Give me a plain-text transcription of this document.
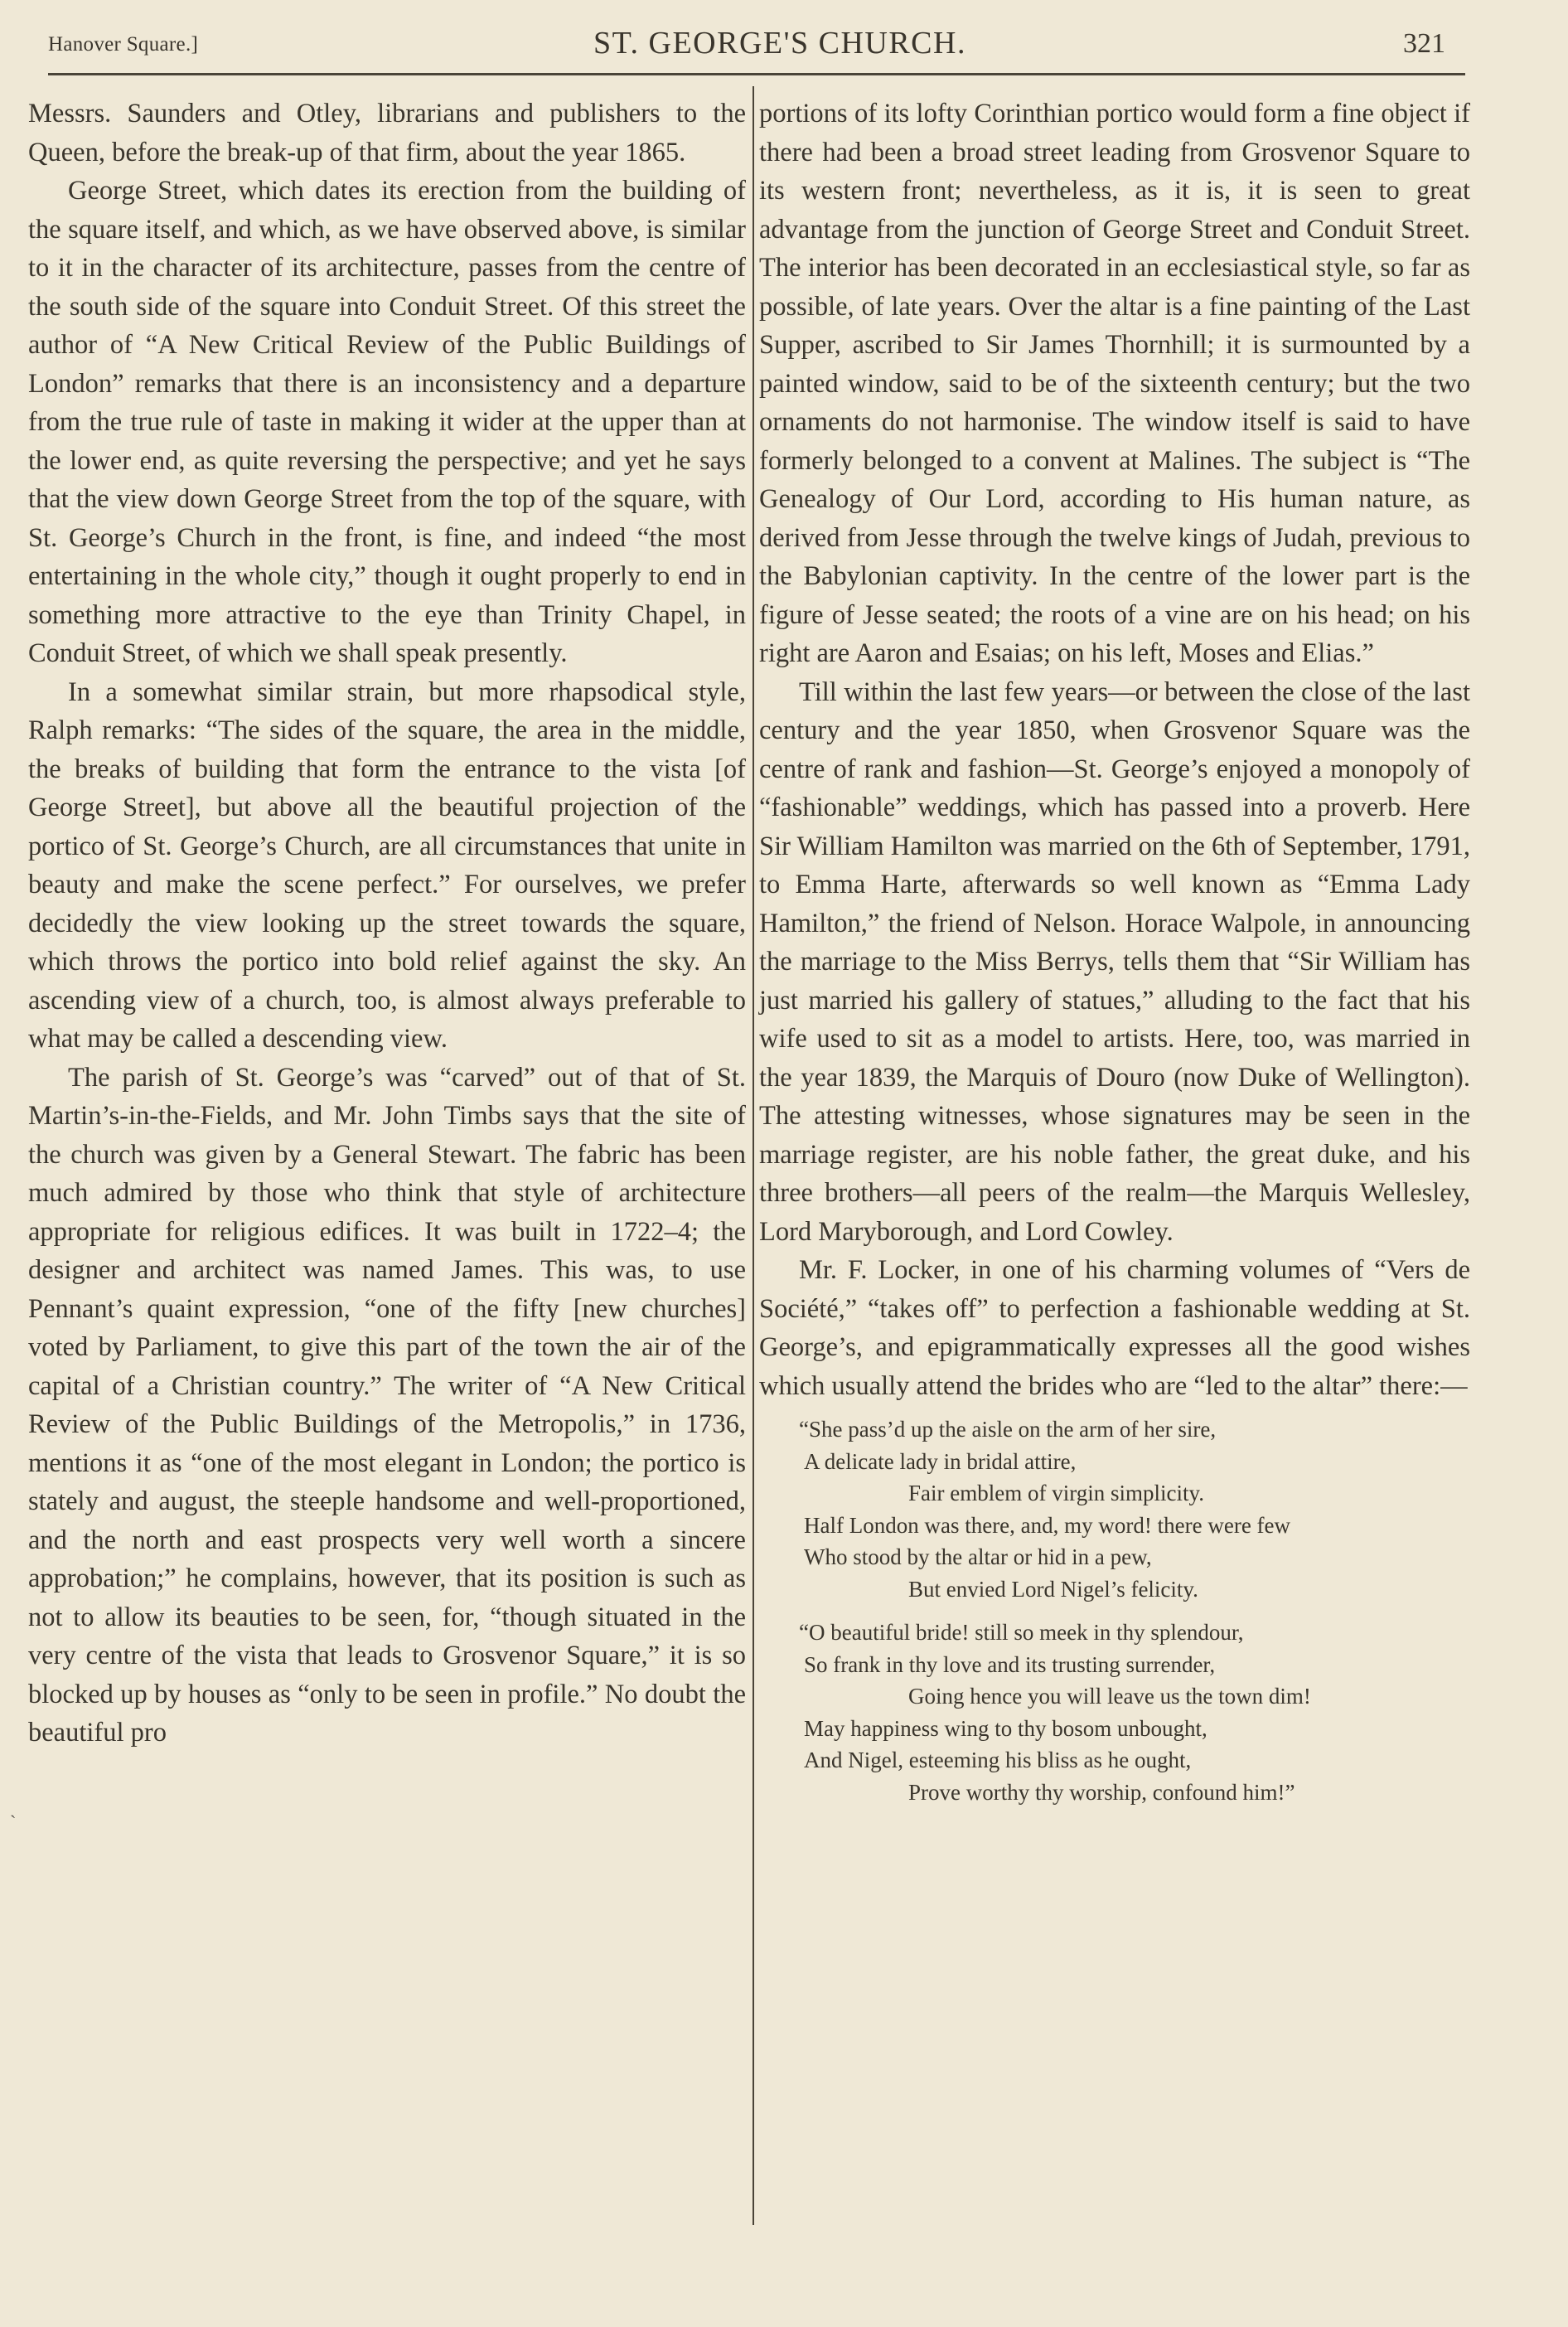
Hanover Square.]	ST. GEORGE'S CHURCH.	321
ˎ

Messrs. Saunders and Otley, librarians and publishers to the Queen, before the break-up of that firm, about the year 1865.

George Street, which dates its erection from the building of the square itself, and which, as we have observed above, is similar to it in the character of its architecture, passes from the centre of the south side of the square into Conduit Street. Of this street the author of “A New Critical Review of the Public Buildings of London” remarks that there is an inconsistency and a departure from the true rule of taste in making it wider at the upper than at the lower end, as quite reversing the perspective; and yet he says that the view down George Street from the top of the square, with St. George’s Church in the front, is fine, and indeed “the most entertaining in the whole city,” though it ought properly to end in something more attractive to the eye than Trinity Chapel, in Conduit Street, of which we shall speak presently.

In a somewhat similar strain, but more rhapsodical style, Ralph remarks: “The sides of the square, the area in the middle, the breaks of building that form the entrance to the vista [of George Street], but above all the beautiful projection of the portico of St. George’s Church, are all circumstances that unite in beauty and make the scene perfect.” For ourselves, we prefer decidedly the view looking up the street towards the square, which throws the portico into bold relief against the sky. An ascending view of a church, too, is almost always preferable to what may be called a descending view.

The parish of St. George’s was “carved” out of that of St. Martin’s-in-the-Fields, and Mr. John Timbs says that the site of the church was given by a General Stewart. The fabric has been much admired by those who think that style of architecture appropriate for religious edifices. It was built in 1722–4; the designer and architect was named James. This was, to use Pennant’s quaint expression, “one of the fifty [new churches] voted by Parliament, to give this part of the town the air of the capital of a Christian country.” The writer of “A New Critical Review of the Public Buildings of the Metropolis,” in 1736, mentions it as “one of the most elegant in London; the portico is stately and august, the steeple handsome and well-proportioned, and the north and east prospects very well worth a sincere approbation;” he complains, however, that its position is such as not to allow its beauties to be seen, for, “though situated in the very centre of the vista that leads to Grosvenor Square,” it is so blocked up by houses as “only to be seen in profile.” No doubt the beautiful pro

portions of its lofty Corinthian portico would form a fine object if there had been a broad street leading from Grosvenor Square to its western front; nevertheless, as it is, it is seen to great advantage from the junction of George Street and Conduit Street. The interior has been decorated in an ecclesiastical style, so far as possible, of late years. Over the altar is a fine painting of the Last Supper, ascribed to Sir James Thornhill; it is surmounted by a painted window, said to be of the sixteenth century; but the two ornaments do not harmonise. The window itself is said to have formerly belonged to a convent at Malines. The subject is “The Genealogy of Our Lord, according to His human nature, as derived from Jesse through the twelve kings of Judah, previous to the Babylonian captivity. In the centre of the lower part is the figure of Jesse seated; the roots of a vine are on his head; on his right are Aaron and Esaias; on his left, Moses and Elias.”

Till within the last few years—or between the close of the last century and the year 1850, when Grosvenor Square was the centre of rank and fashion—St. George’s enjoyed a monopoly of “fashionable” weddings, which has passed into a proverb. Here Sir William Hamilton was married on the 6th of September, 1791, to Emma Harte, afterwards so well known as “Emma Lady Hamilton,” the friend of Nelson. Horace Walpole, in announcing the marriage to the Miss Berrys, tells them that “Sir William has just married his gallery of statues,” alluding to the fact that his wife used to sit as a model to artists. Here, too, was married in the year 1839, the Marquis of Douro (now Duke of Wellington). The attesting witnesses, whose signatures may be seen in the marriage register, are his noble father, the great duke, and his three brothers—all peers of the realm—the Marquis Wellesley, Lord Maryborough, and Lord Cowley.

Mr. F. Locker, in one of his charming volumes of “Vers de Société,” “takes off” to perfection a fashionable wedding at St. George’s, and epigrammatically expresses all the good wishes which usually attend the brides who are “led to the altar” there:—

“She pass’d up the aisle on the arm of her sire,
A delicate lady in bridal attire,
Fair emblem of virgin simplicity.
Half London was there, and, my word! there were few
Who stood by the altar or hid in a pew,
But envied Lord Nigel’s felicity.
“O beautiful bride! still so meek in thy splendour,
So frank in thy love and its trusting surrender,
Going hence you will leave us the town dim!
May happiness wing to thy bosom unbought,
And Nigel, esteeming his bliss as he ought,
Prove worthy thy worship, confound him!”
